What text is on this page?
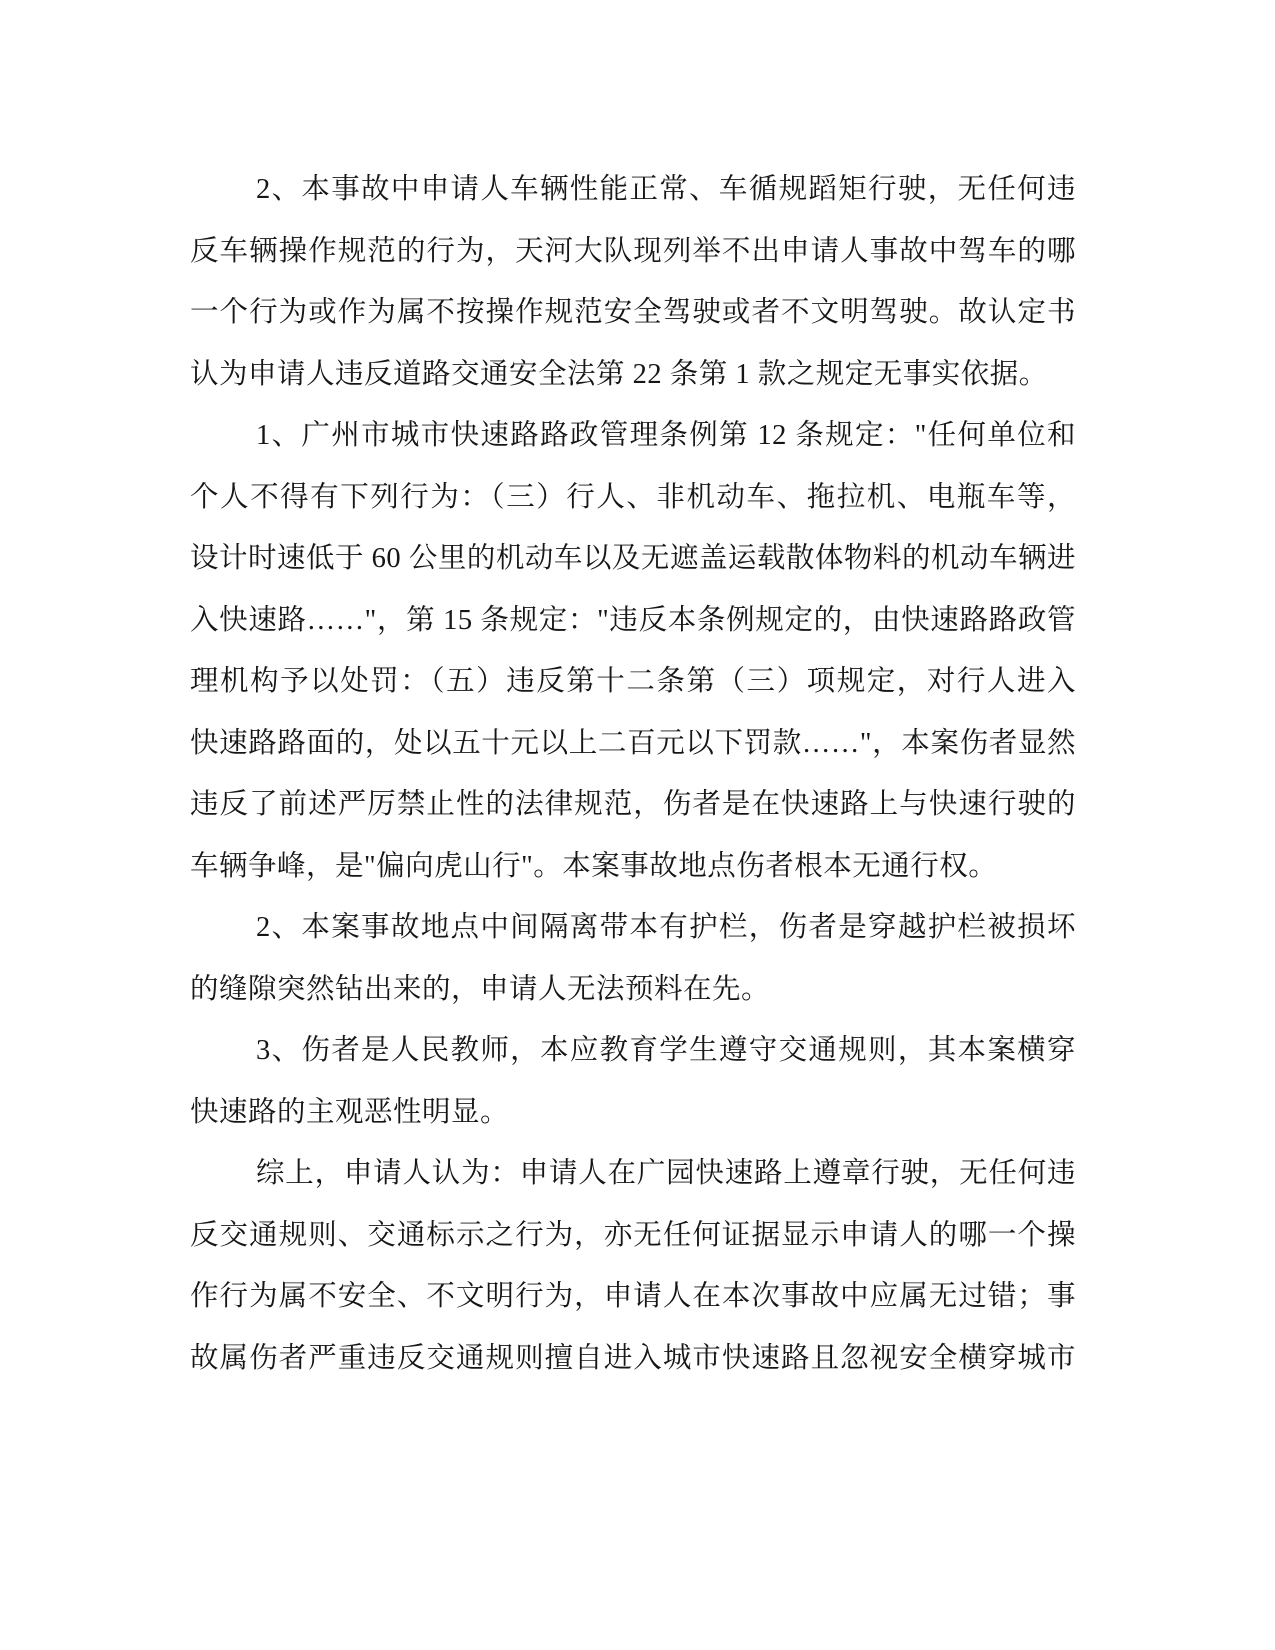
2、本事故中申请人车辆性能正常、车循规蹈矩行驶，无任何违
反车辆操作规范的行为，天河大队现列举不出申请人事故中驾车的哪
一个行为或作为属不按操作规范安全驾驶或者不文明驾驶。故认定书
认为申请人违反道路交通安全法第 22 条第 1 款之规定无事实依据。
1、广州市城市快速路路政管理条例第 12 条规定："任何单位和
个人不得有下列行为：（三）行人、非机动车、拖拉机、电瓶车等，
设计时速低于 60 公里的机动车以及无遮盖运载散体物料的机动车辆进
入快速路……"，第 15 条规定："违反本条例规定的，由快速路路政管
理机构予以处罚：（五）违反第十二条第（三）项规定，对行人进入
快速路路面的，处以五十元以上二百元以下罚款……"，本案伤者显然
违反了前述严厉禁止性的法律规范，伤者是在快速路上与快速行驶的
车辆争峰，是"偏向虎山行"。本案事故地点伤者根本无通行权。
2、本案事故地点中间隔离带本有护栏，伤者是穿越护栏被损坏
的缝隙突然钻出来的，申请人无法预料在先。
3、伤者是人民教师，本应教育学生遵守交通规则，其本案横穿
快速路的主观恶性明显。
综上，申请人认为：申请人在广园快速路上遵章行驶，无任何违
反交通规则、交通标示之行为，亦无任何证据显示申请人的哪一个操
作行为属不安全、不文明行为，申请人在本次事故中应属无过错；事
故属伤者严重违反交通规则擅自进入城市快速路且忽视安全横穿城市
